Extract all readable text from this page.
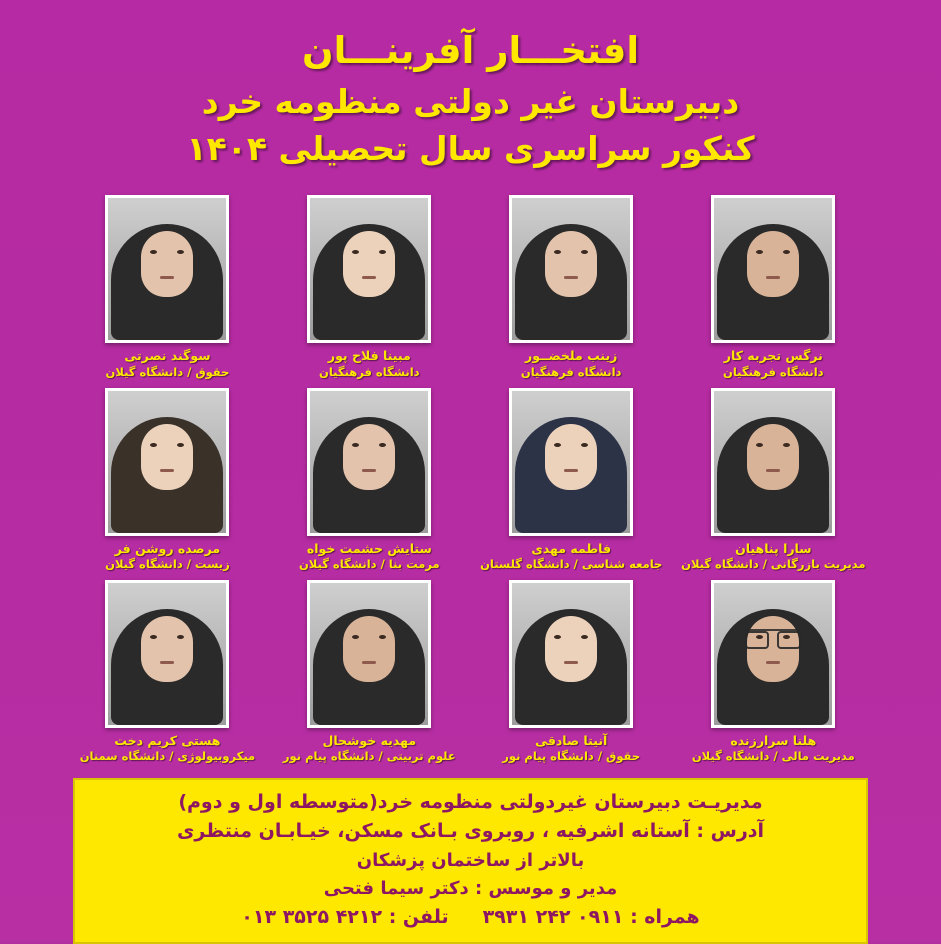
افتخـــار آفرینـــان
دبیرستان غیر دولتی منظومه خرد
کنکور سراسری سال تحصیلی ۱۴۰۴
نرگس تجربه کار
دانشگاه فرهنگیان
زینب ملخضــور
دانشگاه فرهنگیان
مبینا فلاح پور
دانشگاه فرهنگیان
سوگند نصرتی
حقوق / دانشگاه گیلان
سارا پناهیان
مدیریت بازرگانی / دانشگاه گیلان
فاطمه مهدی
جامعه شناسی / دانشگاه گلستان
ستایش حشمت خواه
مرمت بنا / دانشگاه گیلان
مرصده روشن فر
زیست / دانشگاه گیلان
هلنا سرارزنده
مدیریت مالی / دانشگاه گیلان
آنیتا صادقی
حقوق / دانشگاه پیام نور
مهدیه خوشحال
علوم تربیتی / دانشگاه پیام نور
هستی کریم دخت
میکروبیولوژی / دانشگاه سمنان
مدیریـت دبیرستان غیردولتی منظومه خرد(متوسطه اول و دوم)
آدرس : آستانه اشرفیه ، روبروی بـانک مسکن، خیـابـان منتظری
بالاتر از ساختمان پزشکان
مدیر و موسس : دکتر سیما فتحی
همراه : ۰۹۱۱ ۲۴۲ ۳۹۳۱
تلفن : ۴۲۱۲ ۳۵۲۵ ۰۱۳
